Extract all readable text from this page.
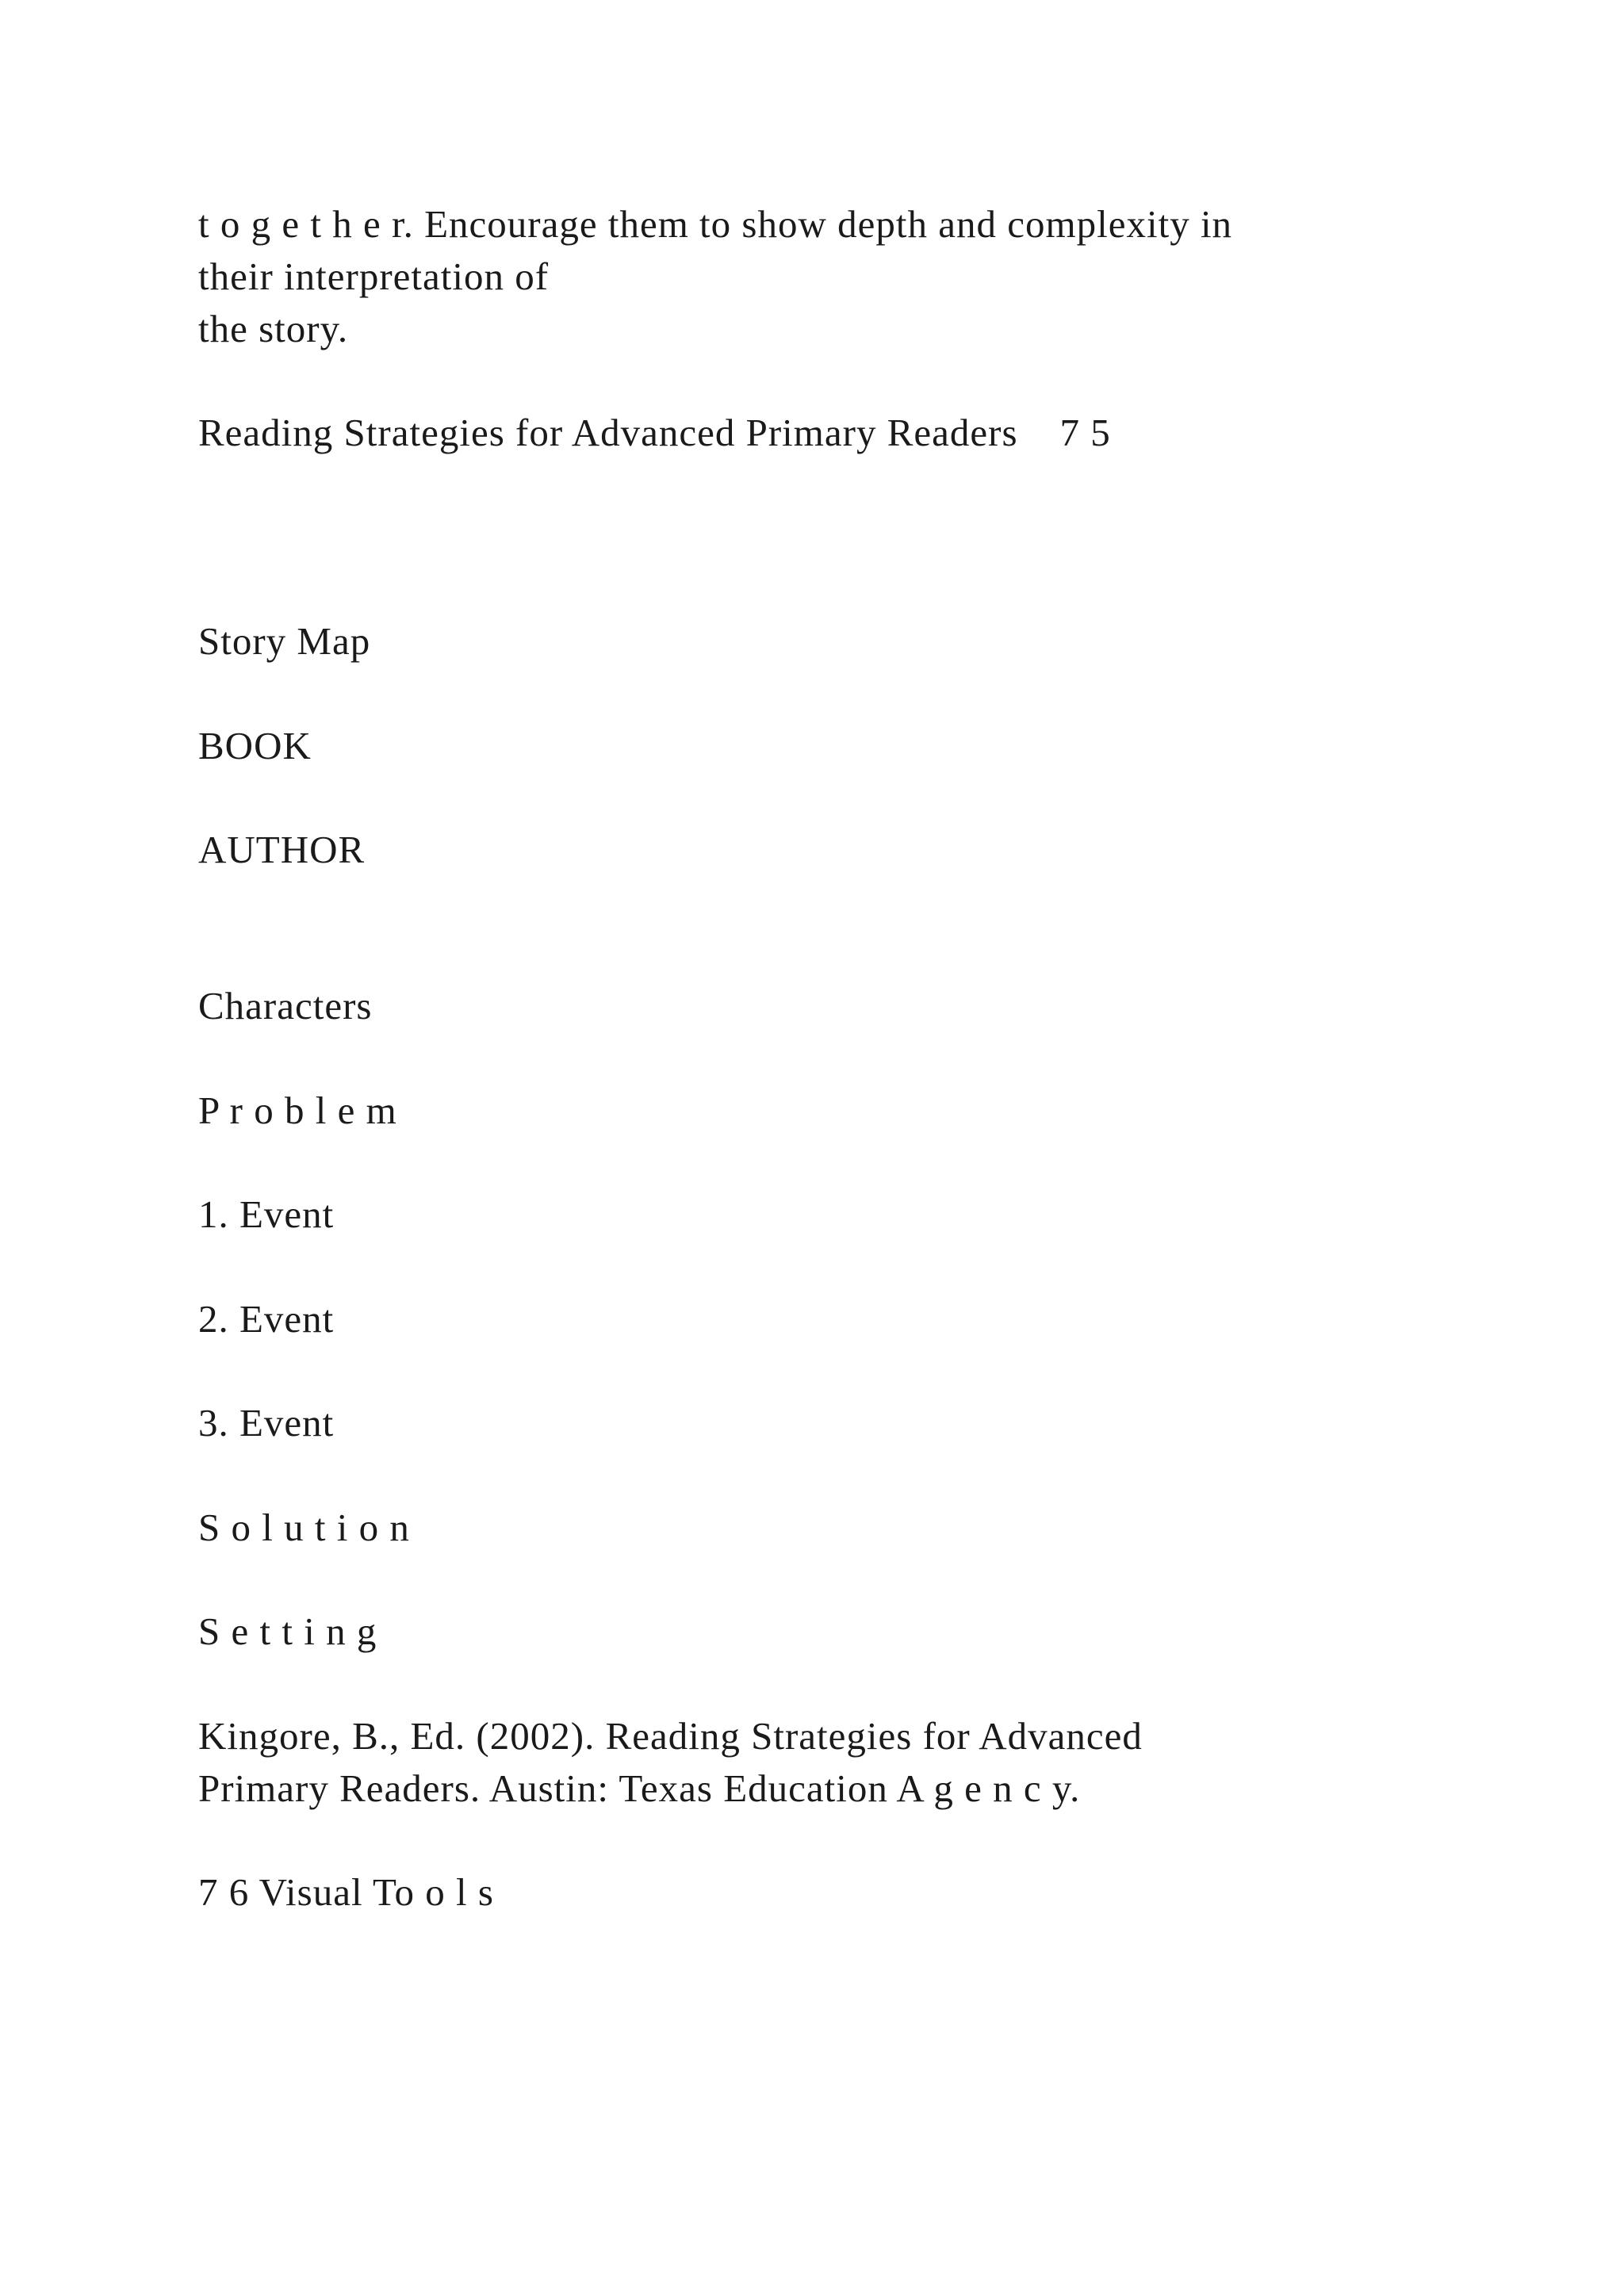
t o g e t h e r. Encourage them to show depth and complexity in

their interpretation of

the story.

Reading Strategies for Advanced Primary Readers    7 5

Story Map

BOOK

AUTHOR

Characters

P r o b l e m

1. Event

2. Event

3. Event

S o l u t i o n

S e t t i n g

Kingore, B., Ed. (2002). Reading Strategies for Advanced

Primary Readers. Austin: Texas Education A g e n c y.

7 6 Visual To o l s
